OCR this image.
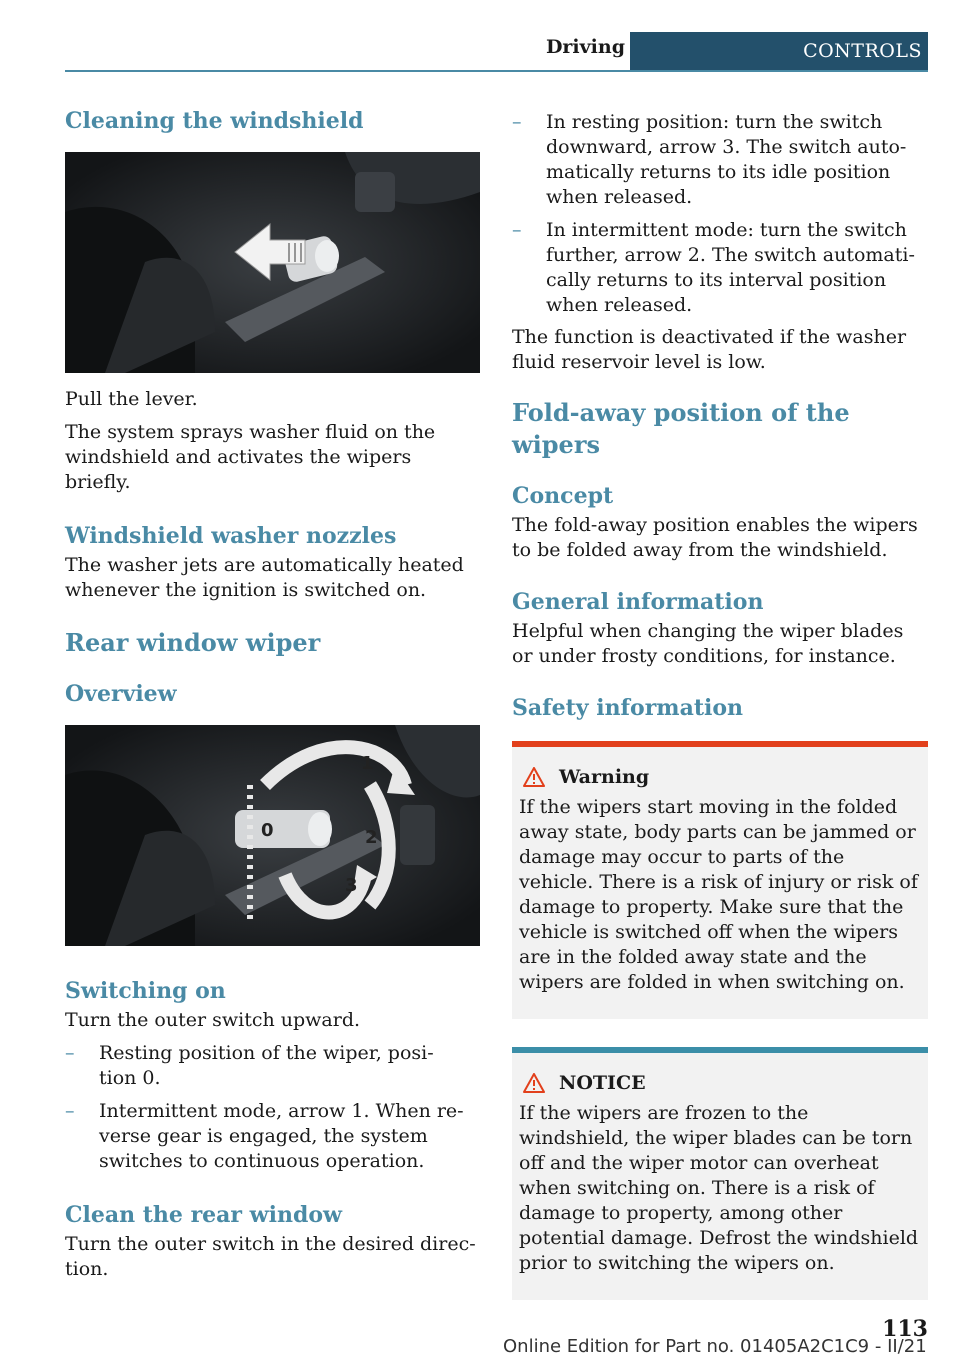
Driving	CONTROLS
Cleaning the windshield

Pull the lever.

The system sprays washer fluid on the windshield and activates the wipers briefly.

Windshield washer nozzles

The washer jets are automatically heated whenever the ignition is switched on.

Rear window wiper
Overview
1
2
3
0
Switching on

Turn the outer switch upward.

– Resting position of the wiper, posi-
tion 0.
– Intermittent mode, arrow 1. When re-
verse gear is engaged, the system
switches to continuous operation.
Clean the rear window

Turn the outer switch in the desired direc-
tion.

– In resting position: turn the switch
downward, arrow 3. The switch auto-
matically returns to its idle position
when released.
– In intermittent mode: turn the switch
further, arrow 2. The switch automati-
cally returns to its interval position
when released.

The function is deactivated if the washer fluid reservoir level is low.

Fold-away position of the wipers
Concept

The fold-away position enables the wipers to be folded away from the windshield.

General information

Helpful when changing the wiper blades or under frosty conditions, for instance.

Safety information
Warning

If the wipers start moving in the folded away state, body parts can be jammed or damage may occur to parts of the vehicle. There is a risk of injury or risk of damage to property. Make sure that the vehicle is switched off when the wipers are in the folded away state and the wipers are folded in when switching on.

NOTICE

If the wipers are frozen to the windshield, the wiper blades can be torn off and the wiper motor can overheat when switching on. There is a risk of damage to property, among other potential damage. Defrost the windshield prior to switching the wipers on.

113
Online Edition for Part no. 01405A2C1C9 - II/21
